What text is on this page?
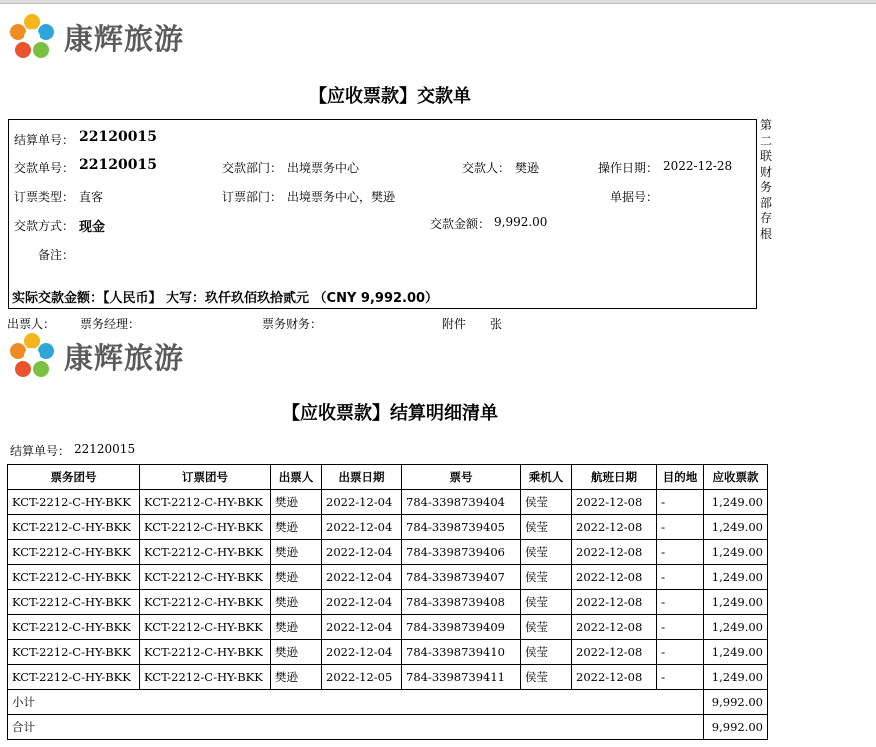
康辉旅游
【应收票款】交款单
结算单号： 22120015
交款单号： 22120015	交款部门： 出境票务中心	交款人： 樊逊	操作日期： 2022-12-28
订票类型： 直客	订票部门： 出境票务中心，樊逊	单据号：
交款方式： 现金	交款金额： 9,992.00
备注：
实际交款金额：【人民币】 大写：玖仟玖佰玖拾贰元 （CNY 9,992.00）
第
二
联
财
务
部
存
根
出票人： 票务经理：	票务财务：	附件 张
康辉旅游
【应收票款】结算明细清单
结算单号： 22120015
票务团号	订票团号	出票人	出票日期	票号	乘机人	航班日期	目的地	应收票款
KCT-2212-C-HY-BKK	KCT-2212-C-HY-BKK	樊逊	2022-12-04	784-3398739404	侯莹	2022-12-08	-	1,249.00
KCT-2212-C-HY-BKK	KCT-2212-C-HY-BKK	樊逊	2022-12-04	784-3398739405	侯莹	2022-12-08	-	1,249.00
KCT-2212-C-HY-BKK	KCT-2212-C-HY-BKK	樊逊	2022-12-04	784-3398739406	侯莹	2022-12-08	-	1,249.00
KCT-2212-C-HY-BKK	KCT-2212-C-HY-BKK	樊逊	2022-12-04	784-3398739407	侯莹	2022-12-08	-	1,249.00
KCT-2212-C-HY-BKK	KCT-2212-C-HY-BKK	樊逊	2022-12-04	784-3398739408	侯莹	2022-12-08	-	1,249.00
KCT-2212-C-HY-BKK	KCT-2212-C-HY-BKK	樊逊	2022-12-04	784-3398739409	侯莹	2022-12-08	-	1,249.00
KCT-2212-C-HY-BKK	KCT-2212-C-HY-BKK	樊逊	2022-12-04	784-3398739410	侯莹	2022-12-08	-	1,249.00
KCT-2212-C-HY-BKK	KCT-2212-C-HY-BKK	樊逊	2022-12-05	784-3398739411	侯莹	2022-12-08	-	1,249.00
小计								9,992.00
合计								9,992.00
